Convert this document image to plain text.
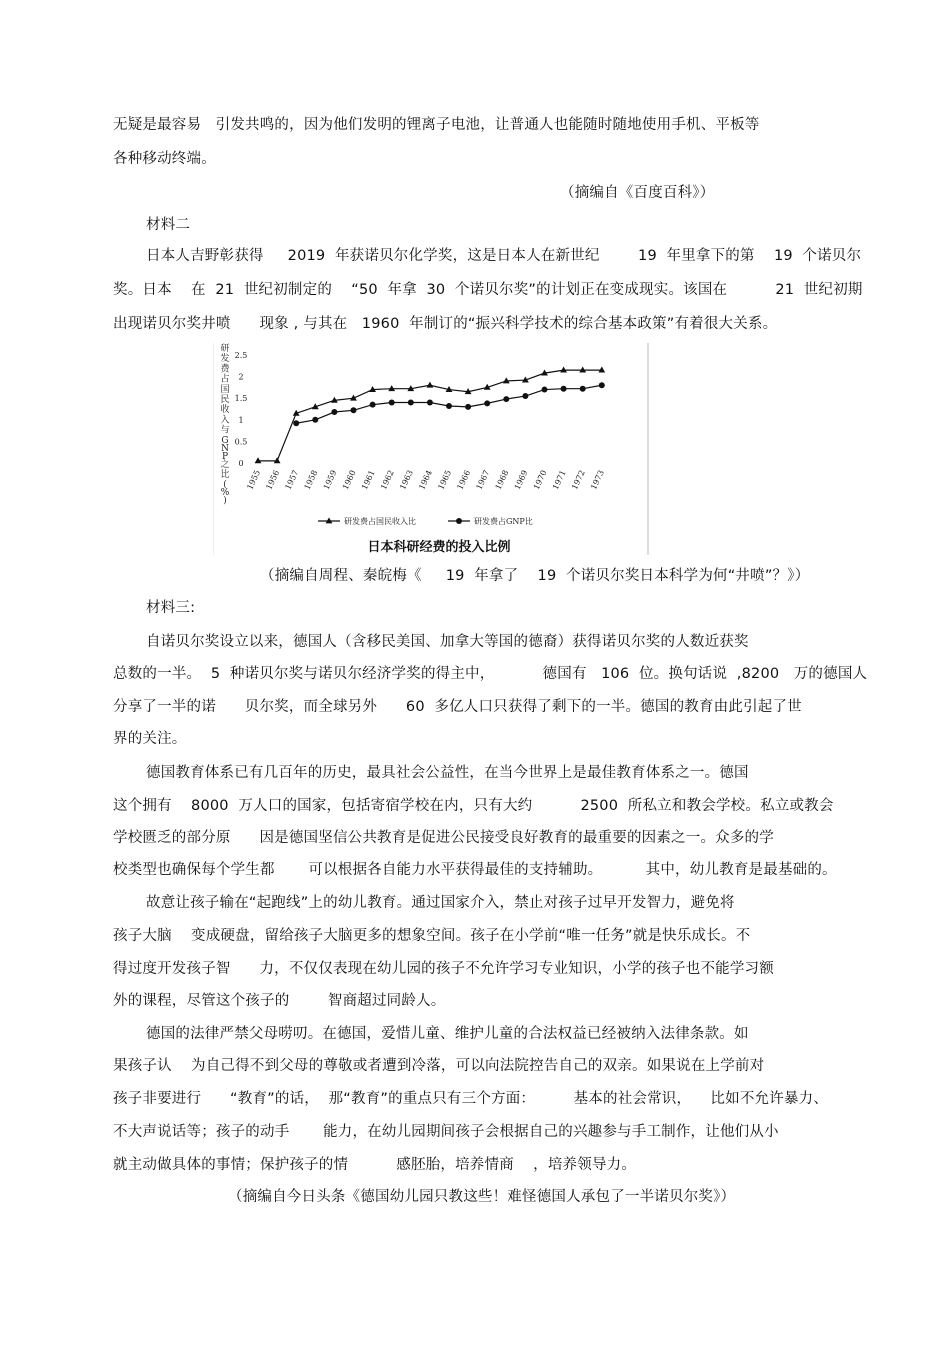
无疑是最容易   引发共鸣的，因为他们发明的锂离子电池，让普通人也能随时随地使用手机、平板等
各种移动终端。
（摘编自《百度百科》）
材料二
日本人吉野彰获得     2019  年获诺贝尔化学奖，这是日本人在新世纪        19  年里拿下的第    19  个诺贝尔
奖。日本    在  21  世纪初制定的    “50  年拿  30  个诺贝尔奖”的计划正在变成现实。该国在          21  世纪初期
出现诺贝尔奖井喷      现象 , 与其在   1960  年制订的“振兴科学技术的综合基本政策”有着很大关系。
研
发
费
占
国
民
收
入
与
G
N
P
之
比
(
%
)
0
0.5
1
1.5
2
2.5
1955 1956 1957 1958 1959 1960 1961 1962 1963 1964 1965 1966 1967 1968 1969 1970 1971 1972 1973
研发费占国民收入比	研发费占GNP比
日本科研经费的投入比例
（摘编自周程、秦皖梅《     19  年拿了    19  个诺贝尔奖日本科学为何“井喷”？》）
材料三:
自诺贝尔奖设立以来，德国人（含移民美国、加拿大等国的德裔）获得诺贝尔奖的人数近获奖
总数的一半。  5  种诺贝尔奖与诺贝尔经济学奖的得主中，          德国有   106  位。换句话说  ,8200   万的德国人
分享了一半的诺      贝尔奖，而全球另外      60  多亿人口只获得了剩下的一半。德国的教育由此引起了世
界的关注。
德国教育体系已有几百年的历史，最具社会公益性，在当今世界上是最佳教育体系之一。德国
这个拥有    8000  万人口的国家，包括寄宿学校在内，只有大约          2500  所私立和教会学校。私立或教会
学校匮乏的部分原      因是德国坚信公共教育是促进公民接受良好教育的最重要的因素之一。众多的学
校类型也确保每个学生都       可以根据各自能力水平获得最佳的支持辅助。         其中，幼儿教育是最基础的。
故意让孩子输在“起跑线”上的幼儿教育。通过国家介入，禁止对孩子过早开发智力，避免将
孩子大脑    变成硬盘，留给孩子大脑更多的想象空间。孩子在小学前“唯一任务”就是快乐成长。不
得过度开发孩子智      力，不仅仅表现在幼儿园的孩子不允许学习专业知识，小学的孩子也不能学习额
外的课程，尽管这个孩子的        智商超过同龄人。
德国的法律严禁父母唠叨。在德国，爱惜儿童、维护儿童的合法权益已经被纳入法律条款。如
果孩子认    为自己得不到父母的尊敬或者遭到冷落，可以向法院控告自己的双亲。如果说在上学前对
孩子非要进行      “教育”的话，  那“教育”的重点只有三个方面：        基本的社会常识，    比如不允许暴力、
不大声说话等；孩子的动手       能力，在幼儿园期间孩子会根据自己的兴趣参与手工制作，让他们从小
就主动做具体的事情；保护孩子的情          感胚胎，培养情商    ，培养领导力。
（摘编自今日头条《德国幼儿园只教这些！难怪德国人承包了一半诺贝尔奖》）
